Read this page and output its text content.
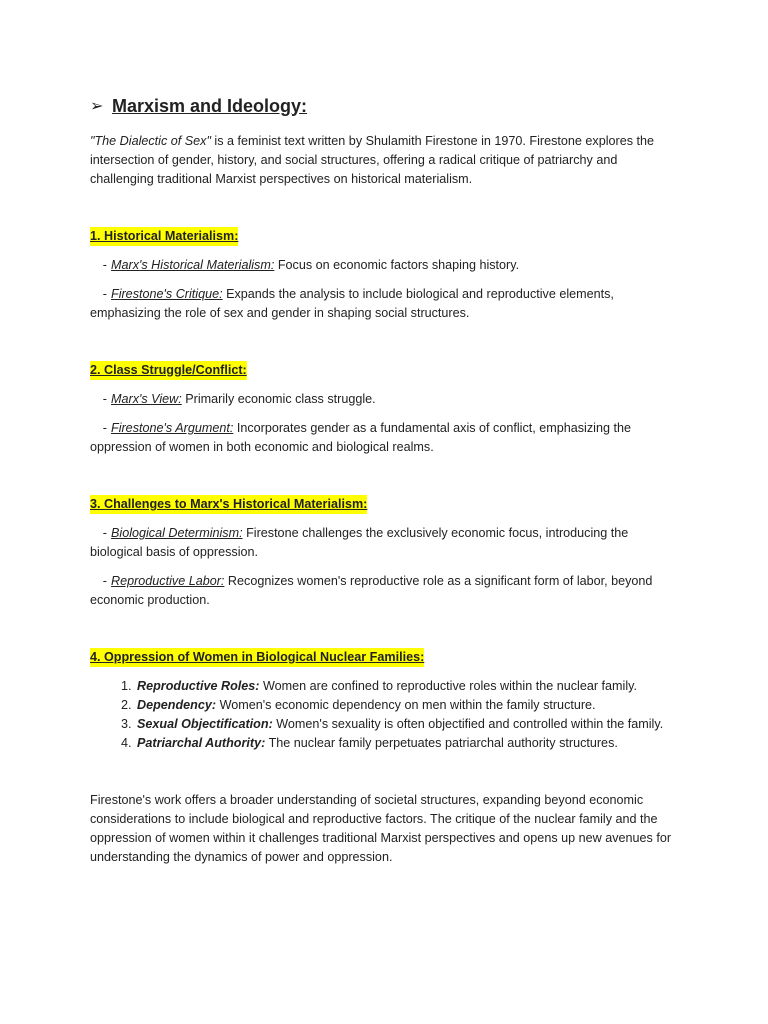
➢ Marxism and Ideology:

"The Dialectic of Sex" is a feminist text written by Shulamith Firestone in 1970. Firestone explores the intersection of gender, history, and social structures, offering a radical critique of patriarchy and challenging traditional Marxist perspectives on historical materialism.

1. Historical Materialism:

- Marx's Historical Materialism: Focus on economic factors shaping history.

- Firestone's Critique: Expands the analysis to include biological and reproductive elements, emphasizing the role of sex and gender in shaping social structures.

2. Class Struggle/Conflict:

- Marx's View: Primarily economic class struggle.

- Firestone's Argument: Incorporates gender as a fundamental axis of conflict, emphasizing the oppression of women in both economic and biological realms.

3. Challenges to Marx's Historical Materialism:

- Biological Determinism: Firestone challenges the exclusively economic focus, introducing the biological basis of oppression.

- Reproductive Labor: Recognizes women's reproductive role as a significant form of labor, beyond economic production.

4. Oppression of Women in Biological Nuclear Families:
1. Reproductive Roles: Women are confined to reproductive roles within the nuclear family.
2. Dependency: Women's economic dependency on men within the family structure.
3. Sexual Objectification: Women's sexuality is often objectified and controlled within the family.
4. Patriarchal Authority: The nuclear family perpetuates patriarchal authority structures.

Firestone's work offers a broader understanding of societal structures, expanding beyond economic considerations to include biological and reproductive factors. The critique of the nuclear family and the oppression of women within it challenges traditional Marxist perspectives and opens up new avenues for understanding the dynamics of power and oppression.
